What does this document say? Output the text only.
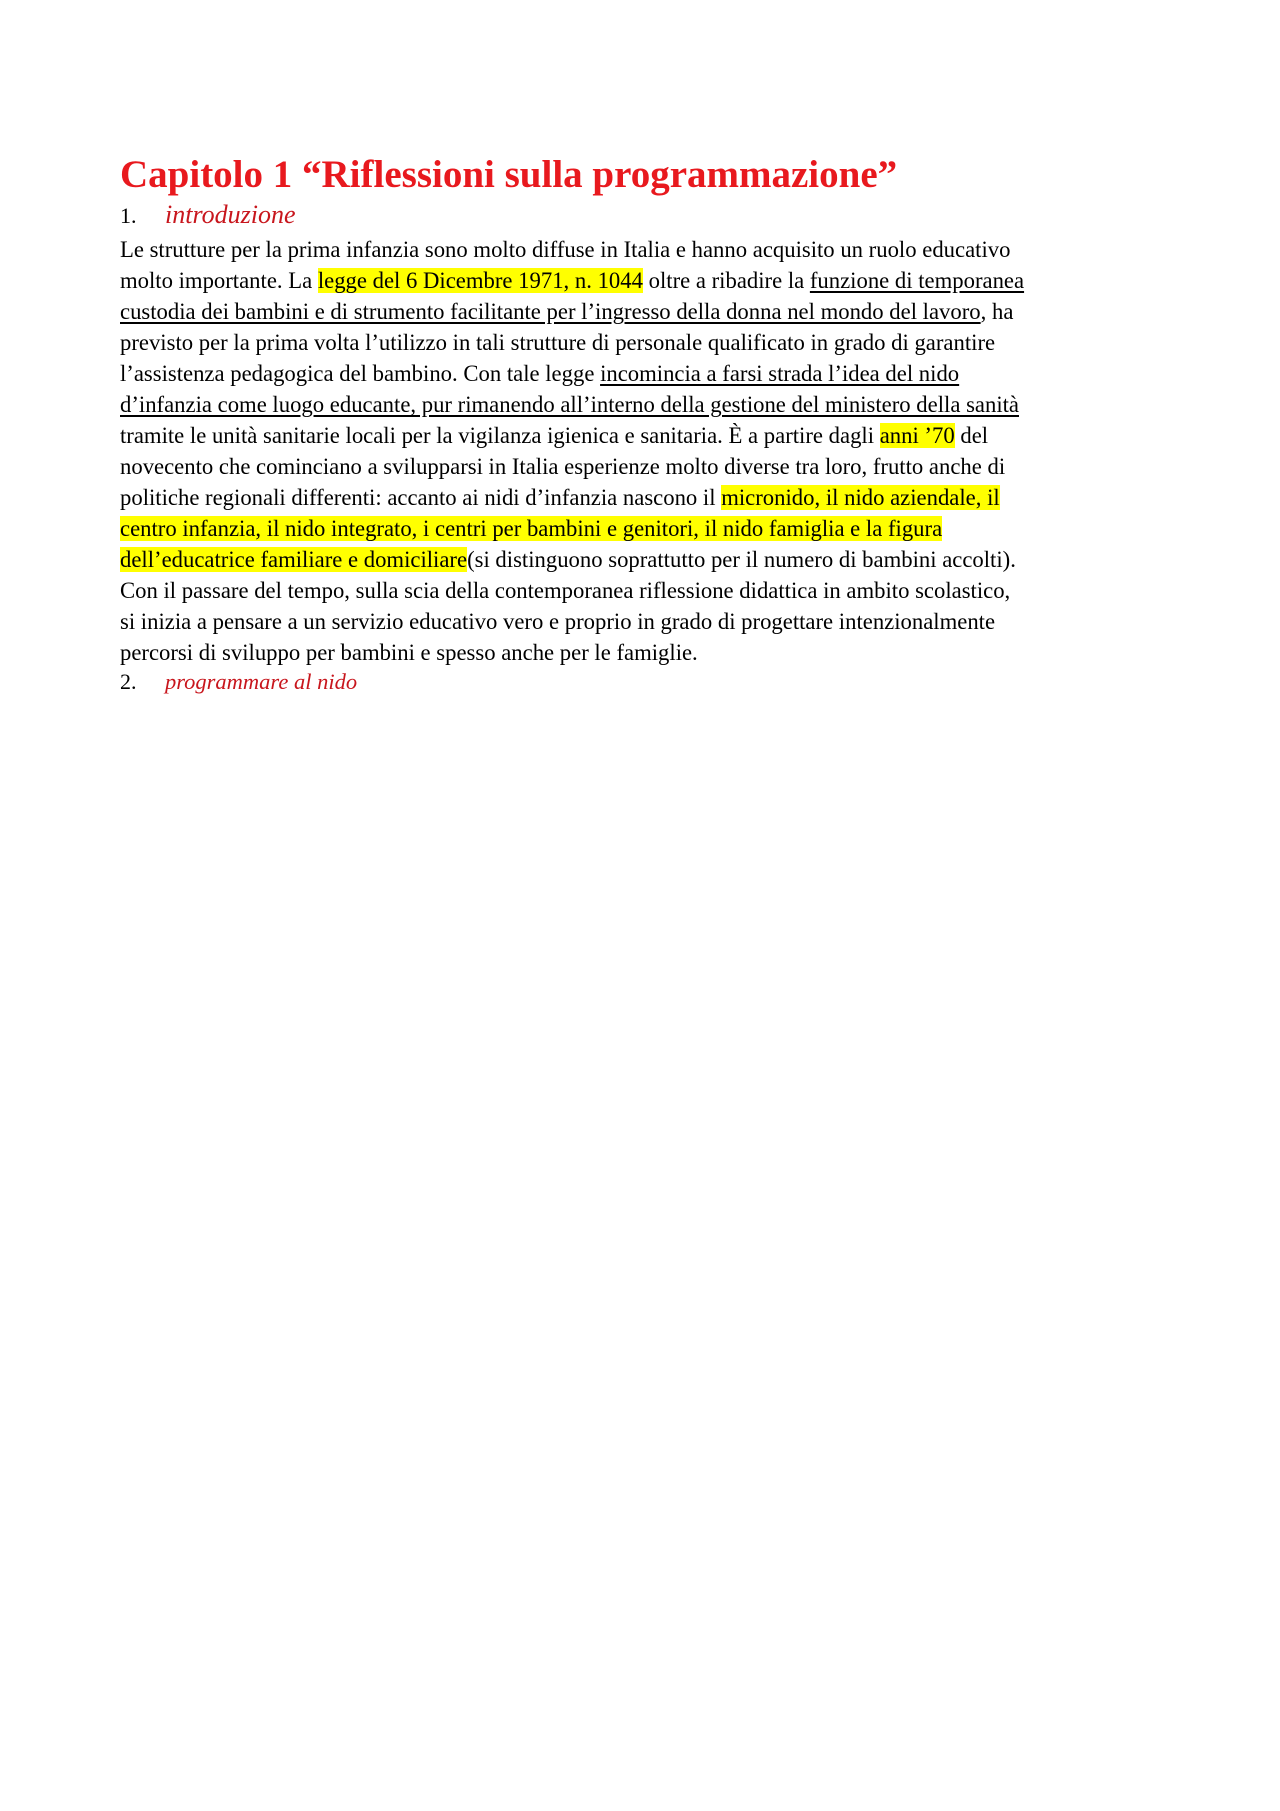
Capitolo 1 “Riflessioni sulla programmazione”
1.	introduzione

Le strutture per la prima infanzia sono molto diffuse in Italia e hanno acquisito un ruolo educativo
molto importante. La legge del 6 Dicembre 1971, n. 1044 oltre a ribadire la funzione di temporanea
custodia dei bambini e di strumento facilitante per l’ingresso della donna nel mondo del lavoro, ha
previsto per la prima volta l’utilizzo in tali strutture di personale qualificato in grado di garantire
l’assistenza pedagogica del bambino. Con tale legge incomincia a farsi strada l’idea del nido
d’infanzia come luogo educante, pur rimanendo all’interno della gestione del ministero della sanità
tramite le unità sanitarie locali per la vigilanza igienica e sanitaria. È a partire dagli anni ’70 del
novecento che cominciano a svilupparsi in Italia esperienze molto diverse tra loro, frutto anche di
politiche regionali differenti: accanto ai nidi d’infanzia nascono il micronido, il nido aziendale, il
centro infanzia, il nido integrato, i centri per bambini e genitori, il nido famiglia e la figura
dell’educatrice familiare e domiciliare(si distinguono soprattutto per il numero di bambini accolti).
Con il passare del tempo, sulla scia della contemporanea riflessione didattica in ambito scolastico,
si inizia a pensare a un servizio educativo vero e proprio in grado di progettare intenzionalmente
percorsi di sviluppo per bambini e spesso anche per le famiglie.

2.	programmare al nido
